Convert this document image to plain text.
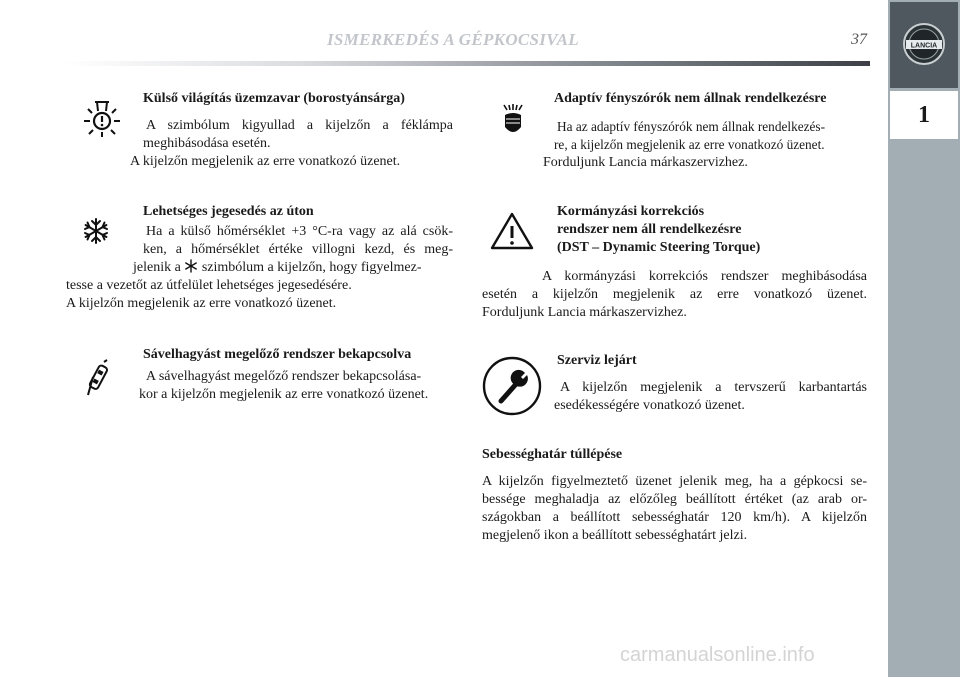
ISMERKEDÉS A GÉPKOCSIVAL	37	LANCIA
1
Külső világítás üzemzavar (borostyánsárga)
A szimbólum kigyullad a kijelzőn a féklámpa
meghibásodása esetén.
A kijelzőn megjelenik az erre vonatkozó üzenet.
Lehetséges jegesedés az úton
Ha a külső hőmérséklet +3 °C-ra vagy az alá csök-
ken, a hőmérséklet értéke villogni kezd, és meg-
jelenik a szimbólum a kijelzőn, hogy figyelmez-
tesse a vezetőt az útfelület lehetséges jegesedésére.
A kijelzőn megjelenik az erre vonatkozó üzenet.
Sávelhagyást megelőző rendszer bekapcsolva
A sávelhagyást megelőző rendszer bekapcsolása-
kor a kijelzőn megjelenik az erre vonatkozó üzenet.
Adaptív fényszórók nem állnak rendelkezésre
Ha az adaptív fényszórók nem állnak rendelkezés-
re, a kijelzőn megjelenik az erre vonatkozó üzenet.
Forduljunk Lancia márkaszervizhez.
Kormányzási korrekciós
rendszer nem áll rendelkezésre
(DST – Dynamic Steering Torque)
A kormányzási korrekciós rendszer meghibásodása
esetén a kijelzőn megjelenik az erre vonatkozó üzenet.
Forduljunk Lancia márkaszervizhez.
Szerviz lejárt
A kijelzőn megjelenik a tervszerű karbantartás
esedékességére vonatkozó üzenet.
Sebességhatár túllépése
A kijelzőn figyelmeztető üzenet jelenik meg, ha a gépkocsi se-
bessége meghaladja az előzőleg beállított értéket (az arab or-
szágokban a beállított sebességhatár 120 km/h). A kijelzőn
megjelenő ikon a beállított sebességhatárt jelzi.
carmanualsonline.info
